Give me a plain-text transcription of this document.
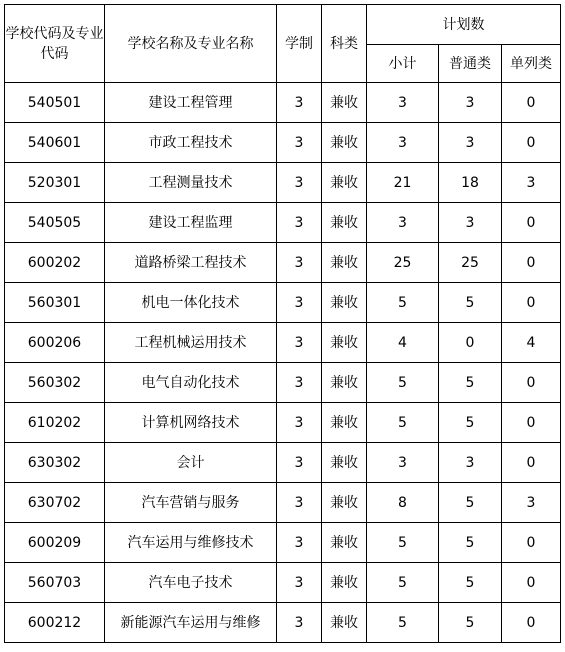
学校代码及专业代码	学校名称及专业名称	学制	科类	计划数		
				小计	普通类	单列类
540501	建设工程管理	3	兼收	3	3	0
540601	市政工程技术	3	兼收	3	3	0
520301	工程测量技术	3	兼收	21	18	3
540505	建设工程监理	3	兼收	3	3	0
600202	道路桥梁工程技术	3	兼收	25	25	0
560301	机电一体化技术	3	兼收	5	5	0
600206	工程机械运用技术	3	兼收	4	0	4
560302	电气自动化技术	3	兼收	5	5	0
610202	计算机网络技术	3	兼收	5	5	0
630302	会计	3	兼收	3	3	0
630702	汽车营销与服务	3	兼收	8	5	3
600209	汽车运用与维修技术	3	兼收	5	5	0
560703	汽车电子技术	3	兼收	5	5	0
600212	新能源汽车运用与维修	3	兼收	5	5	0
